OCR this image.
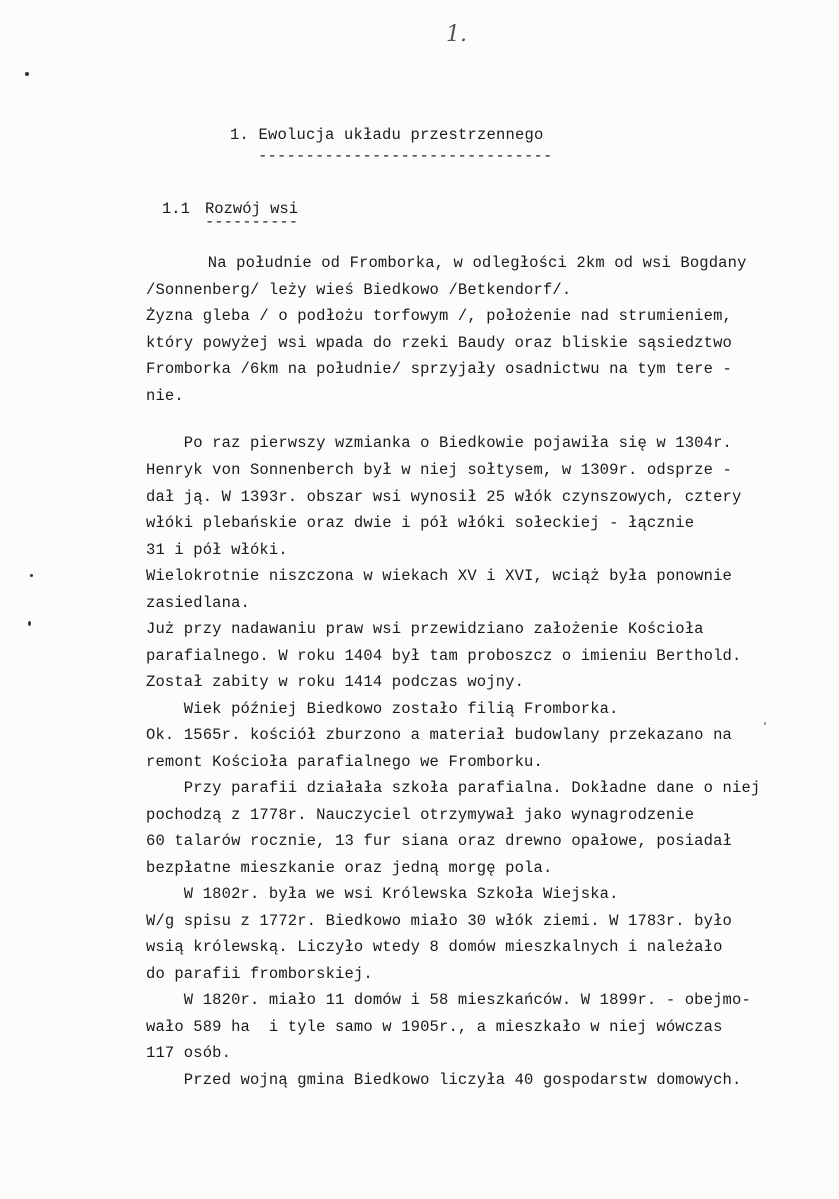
1.
1. Ewolucja układu przestrzennego
-------------------------------
1.1 Rozwój wsi
----------
Na południe od Fromborka, w odległości 2km od wsi Bogdany
/Sonnenberg/ leży wieś Biedkowo /Betkendorf/.
Żyzna gleba / o podłożu torfowym /, położenie nad strumieniem,
który powyżej wsi wpada do rzeki Baudy oraz bliskie sąsiedztwo
Fromborka /6km na południe/ sprzyjały osadnictwu na tym tere -
nie.
Po raz pierwszy wzmianka o Biedkowie pojawiła się w 1304r.
Henryk von Sonnenberch był w niej sołtysem, w 1309r. odsprze -
dał ją. W 1393r. obszar wsi wynosił 25 włók czynszowych, cztery
włóki plebańskie oraz dwie i pół włóki sołeckiej - łącznie
31 i pół włóki.
Wielokrotnie niszczona w wiekach XV i XVI, wciąż była ponownie
zasiedlana.
Już przy nadawaniu praw wsi przewidziano założenie Kościoła
parafialnego. W roku 1404 był tam proboszcz o imieniu Berthold.
Został zabity w roku 1414 podczas wojny.
Wiek później Biedkowo zostało filią Fromborka.
Ok. 1565r. kościół zburzono a materiał budowlany przekazano na
remont Kościoła parafialnego we Fromborku.
Przy parafii działała szkoła parafialna. Dokładne dane o niej
pochodzą z 1778r. Nauczyciel otrzymywał jako wynagrodzenie
60 talarów rocznie, 13 fur siana oraz drewno opałowe, posiadał
bezpłatne mieszkanie oraz jedną morgę pola.
W 1802r. była we wsi Królewska Szkoła Wiejska.
W/g spisu z 1772r. Biedkowo miało 30 włók ziemi. W 1783r. było
wsią królewską. Liczyło wtedy 8 domów mieszkalnych i należało
do parafii fromborskiej.
W 1820r. miało 11 domów i 58 mieszkańców. W 1899r. - obejmo-
wało 589 ha  i tyle samo w 1905r., a mieszkało w niej wówczas
117 osób.
Przed wojną gmina Biedkowo liczyła 40 gospodarstw domowych.
